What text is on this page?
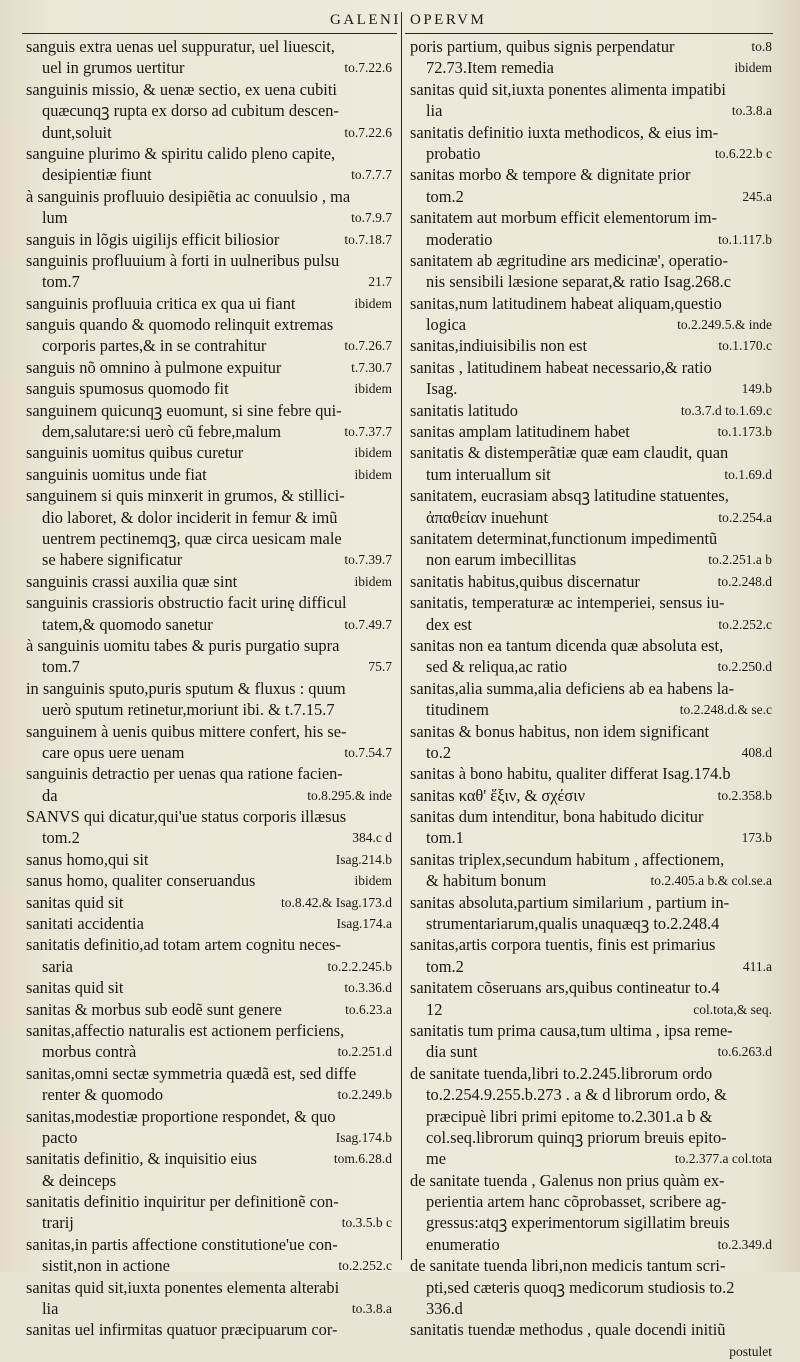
GALENI OPERVM
sanguis extra uenas uel suppuratur, uel liuescit,
uel in grumos uertitur	to.7.22.6
sanguinis missio, & uenæ sectio, ex uena cubiti
quæcunqꝫ rupta ex dorso ad cubitum descen-
dunt,soluit	to.7.22.6
sanguine plurimo & spiritu calido pleno capite,
desipientiæ fiunt	to.7.7.7
à sanguinis profluuio desipiẽtia ac conuulsio , ma
lum	to.7.9.7
sanguis in lõgis uigilijs efficit biliosior	to.7.18.7
sanguinis profluuium à forti in uulneribus pulsu
tom.7	21.7
sanguinis profluuia critica ex qua ui fiant	ibidem
sanguis quando & quomodo relinquit extremas
corporis partes,& in se contrahitur	to.7.26.7
sanguis nõ omnino à pulmone expuitur	t.7.30.7
sanguis spumosus quomodo fit	ibidem
sanguinem quicunqꝫ euomunt, si sine febre qui-
dem,salutare:si uerò cũ febre,malum	to.7.37.7
sanguinis uomitus quibus curetur	ibidem
sanguinis uomitus unde fiat	ibidem
sanguinem si quis minxerit in grumos, & stillici-
dio laboret, & dolor inciderit in femur & imũ
uentrem pectinemqꝫ, quæ circa uesicam male
se habere significatur	to.7.39.7
sanguinis crassi auxilia quæ sint	ibidem
sanguinis crassioris obstructio facit urinę difficul
tatem,& quomodo sanetur	to.7.49.7
à sanguinis uomitu tabes & puris purgatio supra
tom.7	75.7
in sanguinis sputo,puris sputum & fluxus : quum
uerò sputum retinetur,moriunt ibi. & t.7.15.7
sanguinem à uenis quibus mittere confert, his se-
care opus uere uenam	to.7.54.7
sanguinis detractio per uenas qua ratione facien-
da	to.8.295.& inde
SANVS qui dicatur,qui'ue status corporis illæsus
tom.2	384.c d
sanus homo,qui sit	Isag.214.b
sanus homo, qualiter conseruandus	ibidem
sanitas quid sit	to.8.42.& Isag.173.d
sanitati accidentia	Isag.174.a
sanitatis definitio,ad totam artem cognitu neces-
saria	to.2.2.245.b
sanitas quid sit	to.3.36.d
sanitas & morbus sub eodẽ sunt genere	to.6.23.a
sanitas,affectio naturalis est actionem perficiens,
morbus contrà	to.2.251.d
sanitas,omni sectæ symmetria quædã est, sed diffe
renter & quomodo	to.2.249.b
sanitas,modestiæ proportione respondet, & quo
pacto	Isag.174.b
sanitatis definitio, & inquisitio eius	tom.6.28.d
& deinceps
sanitatis definitio inquiritur per definitionẽ con-
trarij	to.3.5.b c
sanitas,in partis affectione constitutione'ue con-
sistit,non in actione	to.2.252.c
sanitas quid sit,iuxta ponentes elementa alterabi
lia	to.3.8.a
sanitas uel infirmitas quatuor præcipuarum cor-
poris partium, quibus signis perpendatur	to.8
72.73.Item remedia	ibidem
sanitas quid sit,iuxta ponentes alimenta impatibi
lia	to.3.8.a
sanitatis definitio iuxta methodicos, & eius im-
probatio	to.6.22.b c
sanitas morbo & tempore & dignitate prior
tom.2	245.a
sanitatem aut morbum efficit elementorum im-
moderatio	to.1.117.b
sanitatem ab ægritudine ars medicinæ', operatio-
nis sensibili læsione separat,& ratio Isag.268.c
sanitas,num latitudinem habeat aliquam,questio
logica	to.2.249.5.& inde
sanitas,indiuisibilis non est	to.1.170.c
sanitas , latitudinem habeat necessario,& ratio
Isag.	149.b
sanitatis latitudo	to.3.7.d to.1.69.c
sanitas amplam latitudinem habet	to.1.173.b
sanitatis & distemperãtiæ quæ eam claudit, quan
tum interuallum sit	to.1.69.d
sanitatem, eucrasiam absqꝫ latitudine statuentes,
ἀπαθείαν inuehunt	to.2.254.a
sanitatem determinat,functionum impedimentũ
non earum imbecillitas	to.2.251.a b
sanitatis habitus,quibus discernatur	to.2.248.d
sanitatis, temperaturæ ac intemperiei, sensus iu-
dex est	to.2.252.c
sanitas non ea tantum dicenda quæ absoluta est,
sed & reliqua,ac ratio	to.2.250.d
sanitas,alia summa,alia deficiens ab ea habens la-
titudinem	to.2.248.d.& se.c
sanitas & bonus habitus, non idem significant
to.2	408.d
sanitas à bono habitu, qualiter differat Isag.174.b
sanitas καθ' ἕξιν, & σχέσιν	to.2.358.b
sanitas dum intenditur, bona habitudo dicitur
tom.1	173.b
sanitas triplex,secundum habitum , affectionem,
& habitum bonum	to.2.405.a b.& col.se.a
sanitas absoluta,partium similarium , partium in-
strumentariarum,qualis unaquæqꝫ to.2.248.4
sanitas,artis corpora tuentis, finis est primarius
tom.2	411.a
sanitatem cõseruans ars,quibus contineatur to.4
12	col.tota,& seq.
sanitatis tum prima causa,tum ultima , ipsa reme-
dia sunt	to.6.263.d
de sanitate tuenda,libri to.2.245.librorum ordo
to.2.254.9.255.b.273 . a & d librorum ordo, &
præcipuè libri primi epitome to.2.301.a b &
col.seq.librorum quinqꝫ priorum breuis epito-
me	to.2.377.a col.tota
de sanitate tuenda , Galenus non prius quàm ex-
perientia artem hanc cõprobasset, scribere ag-
gressus:atqꝫ experimentorum sigillatim breuis
enumeratio	to.2.349.d
de sanitate tuenda libri,non medicis tantum scri-
pti,sed cæteris quoqꝫ medicorum studiosis to.2
336.d
sanitatis tuendæ methodus , quale docendi initiũ
postulet
